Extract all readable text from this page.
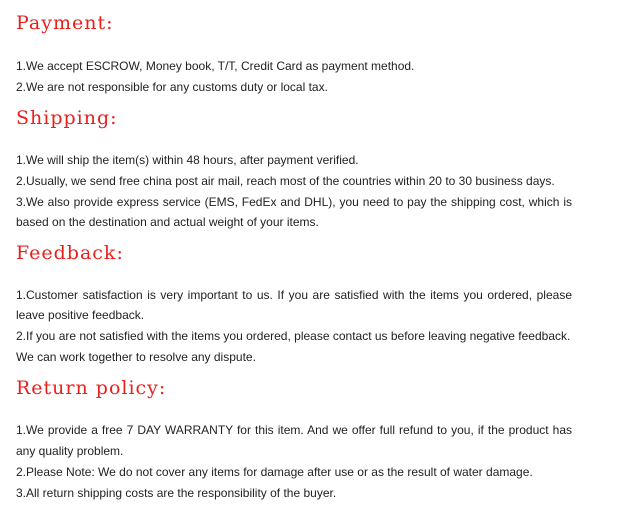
Payment:

1.We accept ESCROW, Money book, T/T, Credit Card as payment method.

2.We are not responsible for any customs duty or local tax.

Shipping:

1.We will ship the item(s) within 48 hours, after payment verified.

2.Usually, we send free china post air mail, reach most of the countries within 20 to 30 business days.

3.We also provide express service (EMS, FedEx and DHL), you need to pay the shipping cost, which is

based on the destination and actual weight of your items.

Feedback:

1.Customer satisfaction is very important to us. If you are satisfied with the items you ordered, please

leave positive feedback.

2.If you are not satisfied with the items you ordered, please contact us before leaving negative feedback.

We can work together to resolve any dispute.

Return policy:

1.We provide a free 7 DAY WARRANTY for this item. And we offer full refund to you, if the product has

any quality problem.

2.Please Note: We do not cover any items for damage after use or as the result of water damage.

3.All return shipping costs are the responsibility of the buyer.
